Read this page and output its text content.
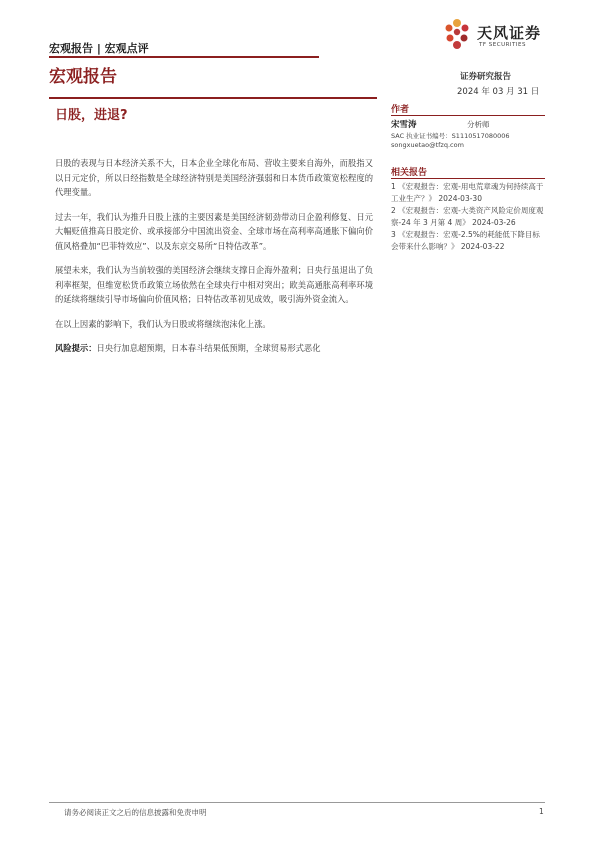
宏观报告 | 宏观点评
天风证券
TF SECURITIES
宏观报告	证券研究报告
2024 年 03 月 31 日
日股，进退?

日股的表现与日本经济关系不大，日本企业全球化布局、营收主要来自海外，而股指又以日元定价，所以日经指数是全球经济特别是美国经济强弱和日本货币政策宽松程度的代理变量。

过去一年，我们认为推升日股上涨的主要因素是美国经济韧劲带动日企盈利修复、日元大幅贬值推高日股定价、或承接部分中国流出资金、全球市场在高利率高通胀下偏向价值风格叠加“巴菲特效应”、以及东京交易所“日特估改革”。

展望未来，我们认为当前较强的美国经济会继续支撑日企海外盈利；日央行虽退出了负利率框架，但维宽松货币政策立场依然在全球央行中相对突出；欧美高通胀高利率环境的延续将继续引导市场偏向价值风格；日特估改革初见成效，吸引海外资金流入。

在以上因素的影响下，我们认为日股或将继续泡沫化上涨。

风险提示：日央行加息超预期，日本春斗结果低预期，全球贸易形式恶化

作者
宋雪涛	分析师
SAC 执业证书编号：S1110517080006
songxuetao@tfzq.com
相关报告

1 《宏观报告：宏观-用电荒章魂为何持续高于工业生产？》 2024-03-30

2 《宏观报告：宏观-大类资产风险定价周度观察-24 年 3 月第 4 周》 2024-03-26

3 《宏观报告：宏观-2.5%的耗能低下降目标会带来什么影响？》 2024-03-22

请务必阅读正文之后的信息披露和免责申明	1
